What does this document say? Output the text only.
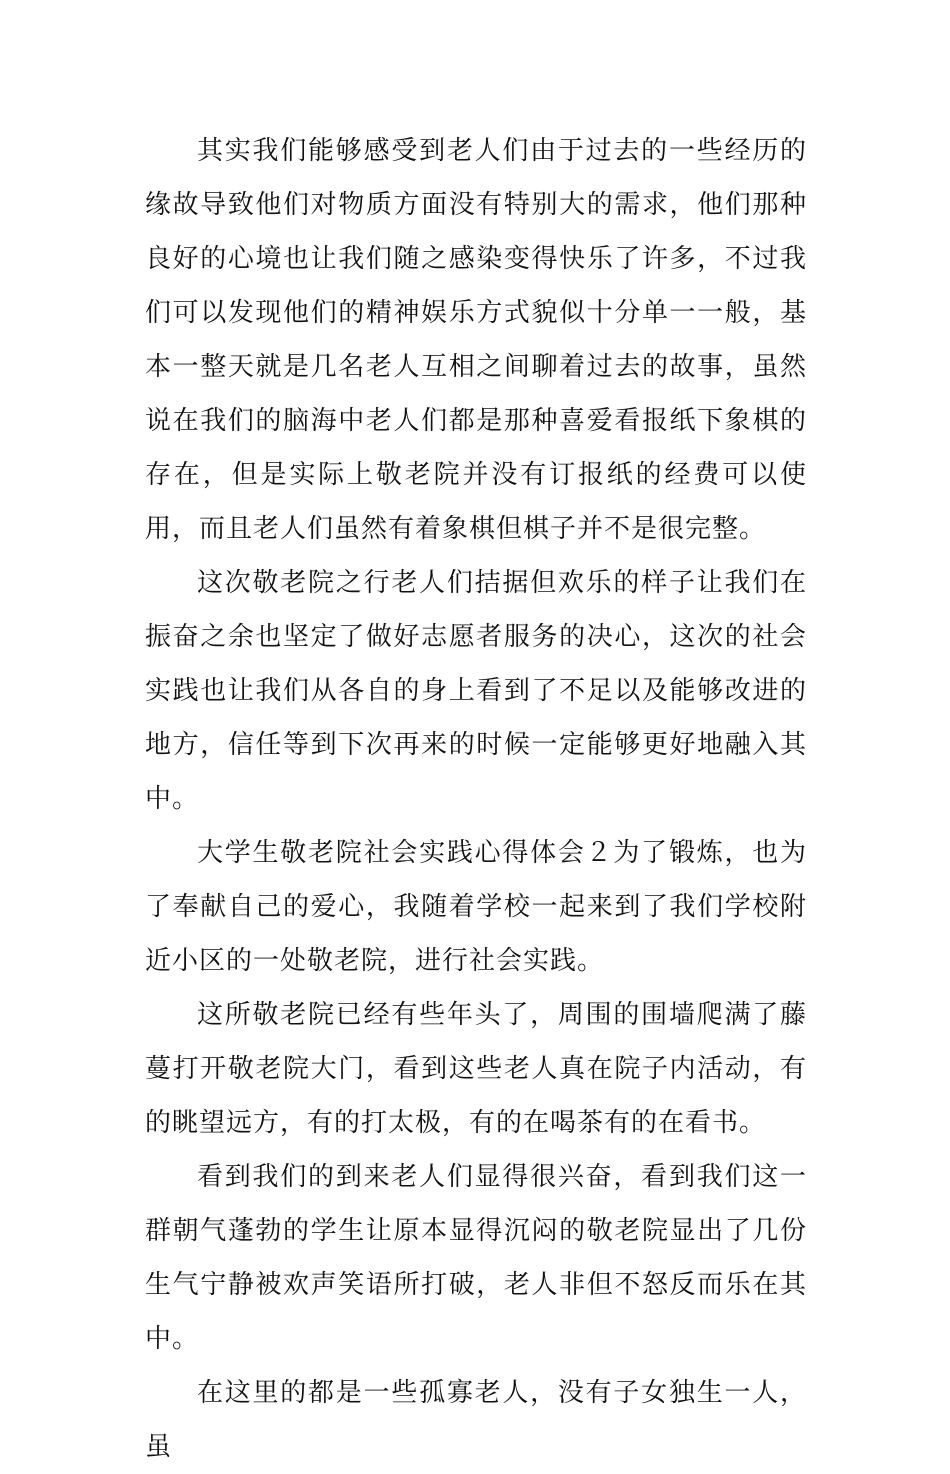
其实我们能够感受到老人们由于过去的一些经历的缘故导致他们对物质方面没有特别大的需求，他们那种良好的心境也让我们随之感染变得快乐了许多，不过我们可以发现他们的精神娱乐方式貌似十分单一一般，基本一整天就是几名老人互相之间聊着过去的故事，虽然说在我们的脑海中老人们都是那种喜爱看报纸下象棋的存在，但是实际上敬老院并没有订报纸的经费可以使用，而且老人们虽然有着象棋但棋子并不是很完整。

这次敬老院之行老人们拮据但欢乐的样子让我们在振奋之余也坚定了做好志愿者服务的决心，这次的社会实践也让我们从各自的身上看到了不足以及能够改进的地方，信任等到下次再来的时候一定能够更好地融入其中。

大学生敬老院社会实践心得体会２为了锻炼，也为了奉献自己的爱心，我随着学校一起来到了我们学校附近小区的一处敬老院，进行社会实践。

这所敬老院已经有些年头了，周围的围墙爬满了藤蔓打开敬老院大门，看到这些老人真在院子内活动，有的眺望远方，有的打太极，有的在喝茶有的在看书。

看到我们的到来老人们显得很兴奋，看到我们这一群朝气蓬勃的学生让原本显得沉闷的敬老院显出了几份生气宁静被欢声笑语所打破，老人非但不怒反而乐在其中。

在这里的都是一些孤寡老人，没有子女独生一人，虽
